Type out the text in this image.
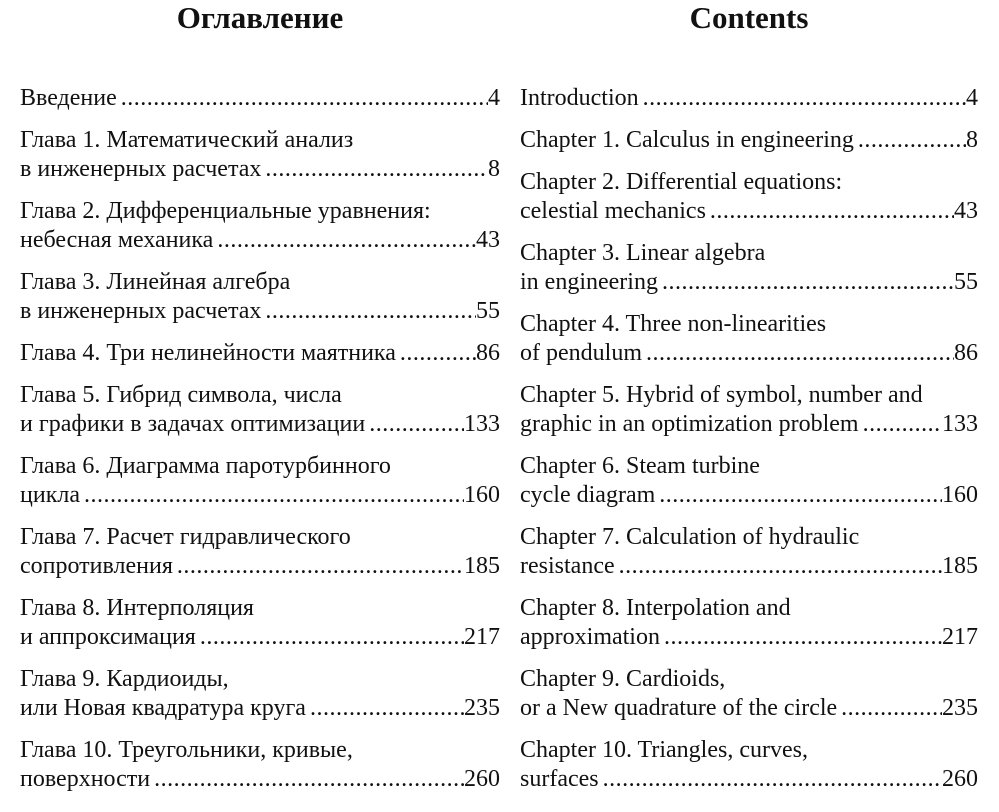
Оглавление
Введение .....	4
Глава 1. Математический анализ
в инженерных расчетах .....	8
Глава 2. Дифференциальные уравнения:
небесная механика .....	43
Глава 3. Линейная алгебра
в инженерных расчетах .....	55
Глава 4. Три нелинейности маятника .....	86
Глава 5. Гибрид символа, числа
и графики в задачах оптимизации .....	133
Глава 6. Диаграмма паротурбинного
цикла .....	160
Глава 7. Расчет гидравлического
сопротивления .....	185
Глава 8. Интерполяция
и аппроксимация .....	217
Глава 9. Кардиоиды,
или Новая квадратура круга .....	235
Глава 10. Треугольники, кривые,
поверхности .....	260
Contents
Introduction .....	4
Chapter 1. Calculus in engineering .....	8
Chapter 2. Differential equations:
celestial mechanics .....	43
Chapter 3. Linear algebra
in engineering .....	55
Chapter 4. Three non-linearities
of pendulum .....	86
Chapter 5. Hybrid of symbol, number and
graphic in an optimization problem .....	133
Chapter 6. Steam turbine
cycle diagram .....	160
Chapter 7. Calculation of hydraulic
resistance .....	185
Chapter 8. Interpolation and
approximation .....	217
Chapter 9. Cardioids,
or a New quadrature of the circle .....	235
Chapter 10. Triangles, curves,
surfaces .....	260
